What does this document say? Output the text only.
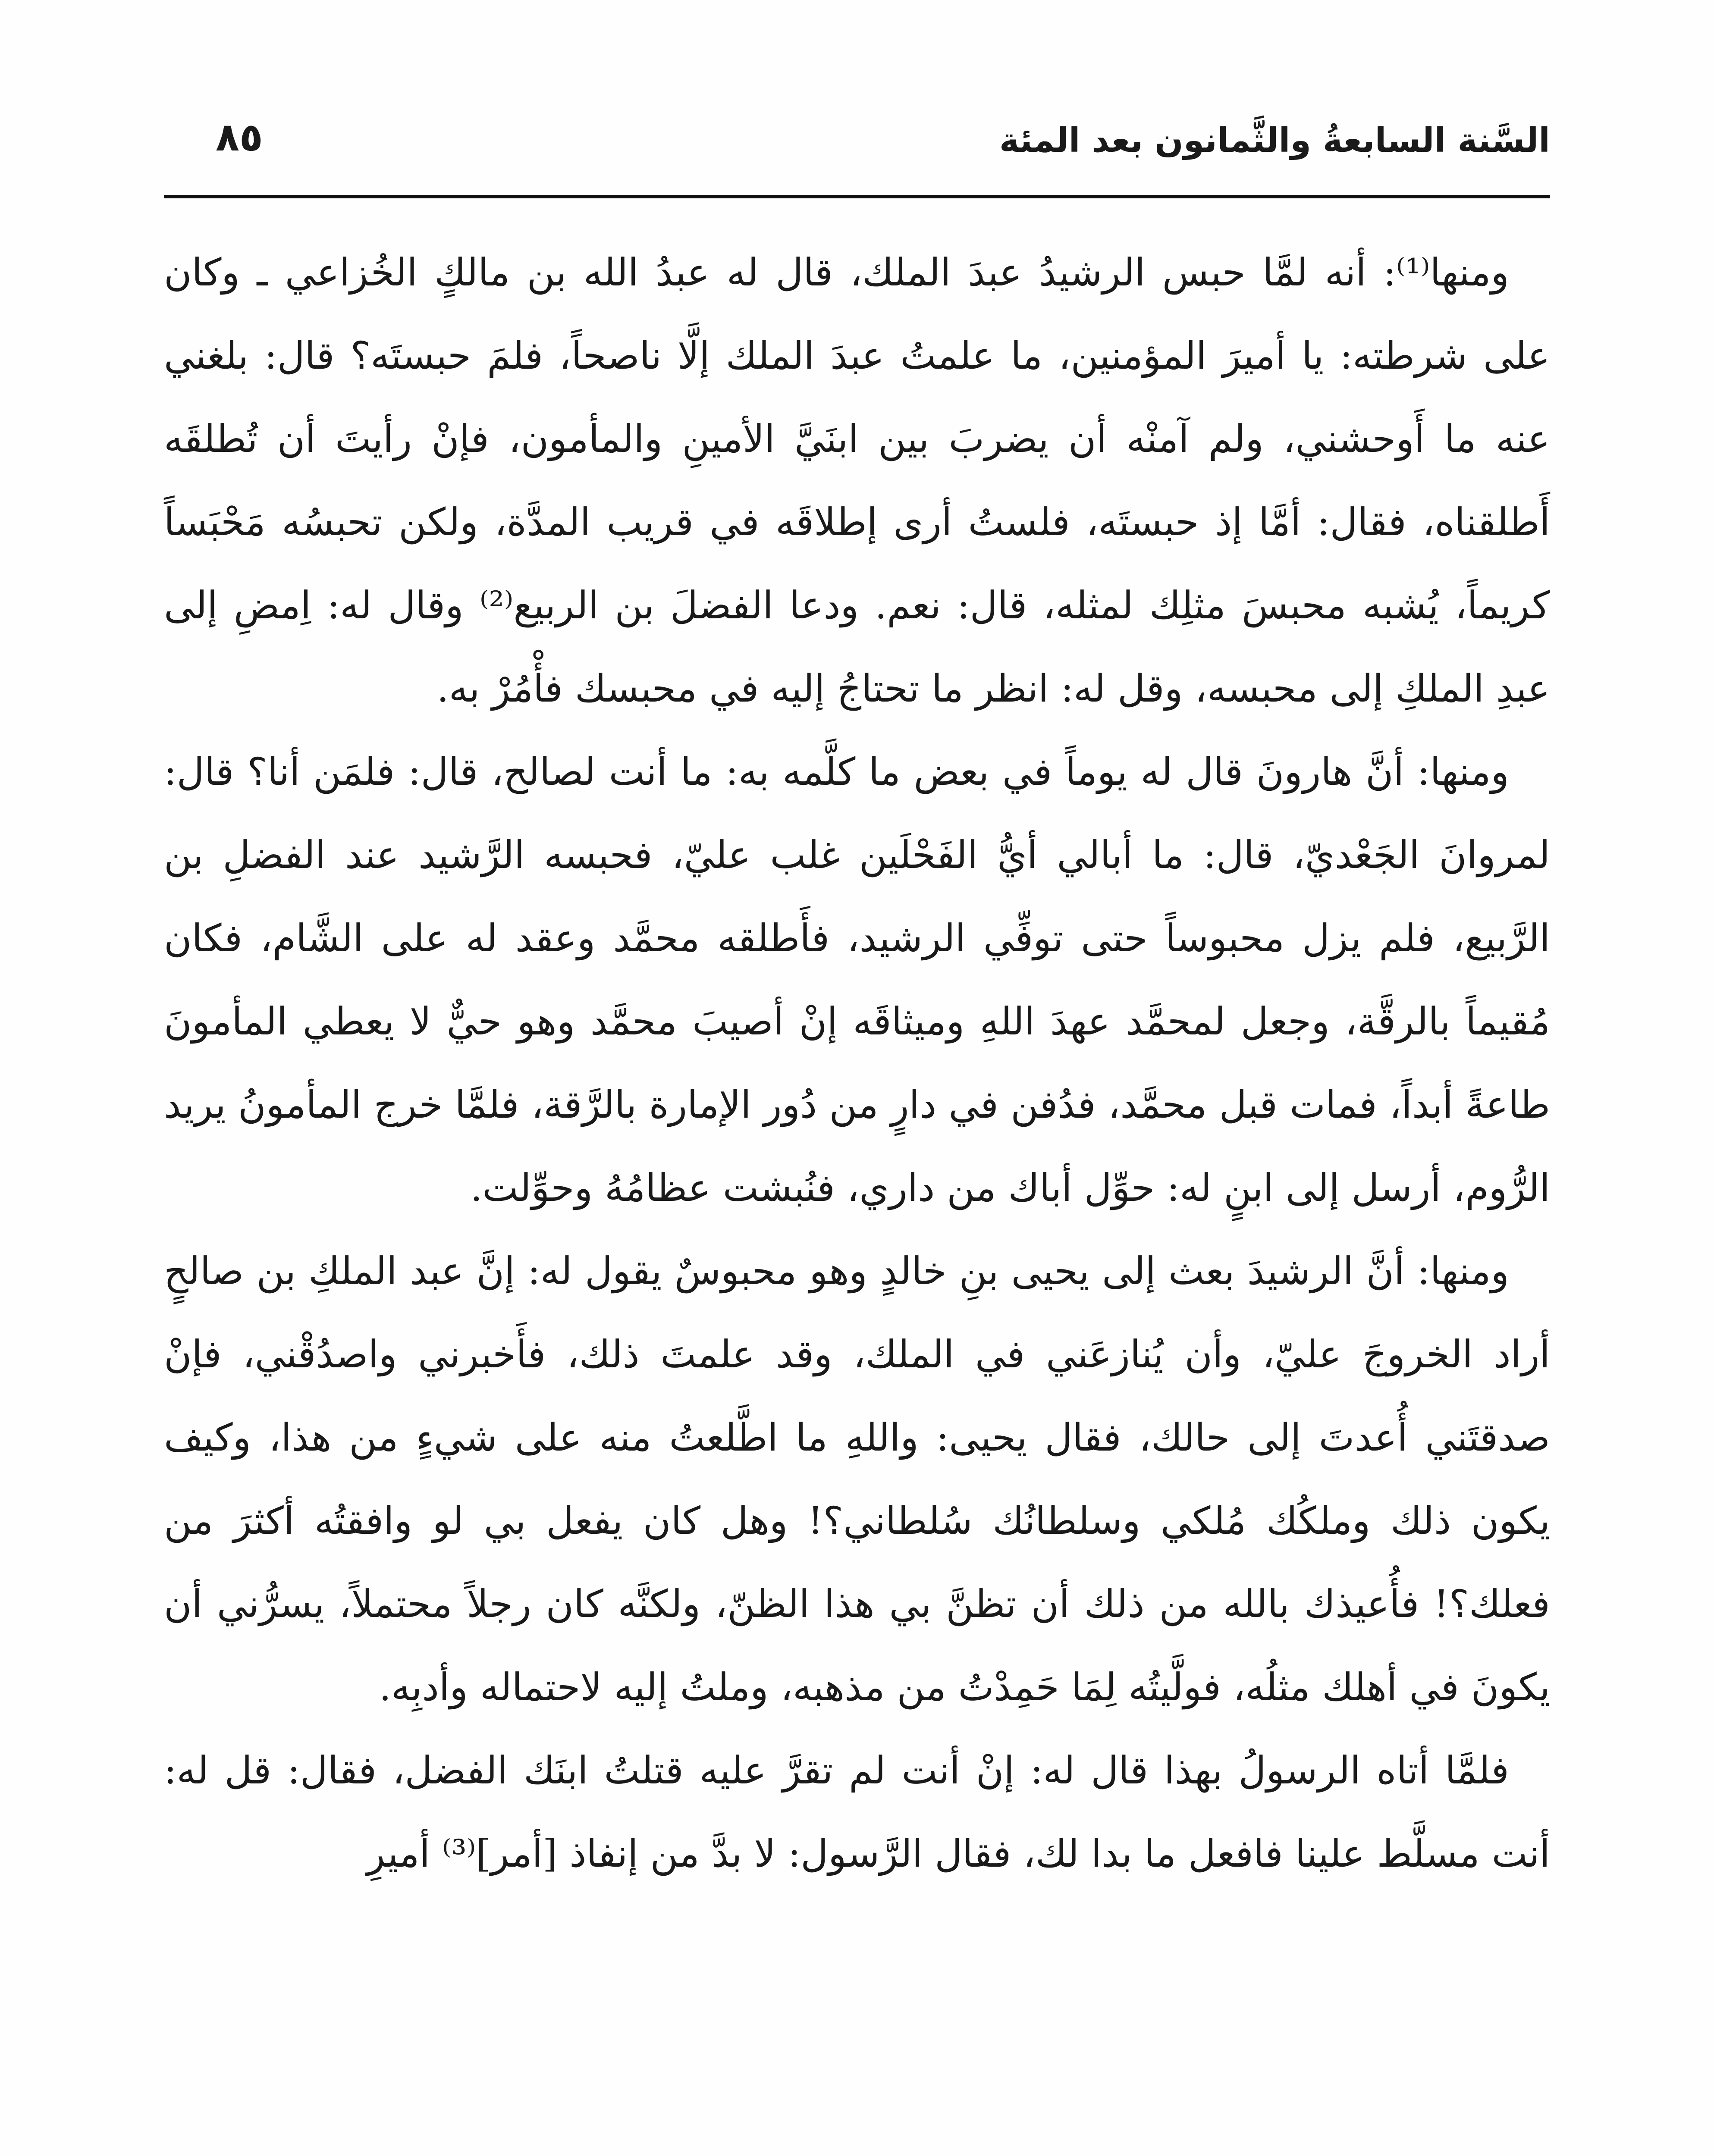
السَّنة السابعةُ والثَّمانون بعد المئة
٨٥

ومنها⁽¹⁾: أنه لمَّا حبس الرشيدُ عبدَ الملك، قال له عبدُ الله بن مالكٍ الخُزاعي ـ وكان على شرطته: يا أميرَ المؤمنين، ما علمتُ عبدَ الملك إلَّا ناصحاً، فلمَ حبستَه؟ قال: بلغني عنه ما أَوحشني، ولم آمنْه أن يضربَ بين ابنَيَّ الأمينِ والمأمون، فإنْ رأيتَ أن تُطلقَه أَطلقناه، فقال: أمَّا إذ حبستَه، فلستُ أرى إطلاقَه في قريب المدَّة، ولكن تحبسُه مَحْبَساً كريماً، يُشبه محبسَ مثلِك لمثله، قال: نعم. ودعا الفضلَ بن الربيع⁽²⁾ وقال له: اِمضِ إلى عبدِ الملكِ إلى محبسه، وقل له: انظر ما تحتاجُ إليه في محبسك فأْمُرْ به.

ومنها: أنَّ هارونَ قال له يوماً في بعض ما كلَّمه به: ما أنت لصالح، قال: فلمَن أنا؟ قال: لمروانَ الجَعْديّ، قال: ما أبالي أيُّ الفَحْلَين غلب عليّ، فحبسه الرَّشيد عند الفضلِ بن الرَّبيع، فلم يزل محبوساً حتى توفِّي الرشيد، فأَطلقه محمَّد وعقد له على الشَّام، فكان مُقيماً بالرقَّة، وجعل لمحمَّد عهدَ اللهِ وميثاقَه إنْ أصيبَ محمَّد وهو حيٌّ لا يعطي المأمونَ طاعةً أبداً، فمات قبل محمَّد، فدُفن في دارٍ من دُور الإمارة بالرَّقة، فلمَّا خرج المأمونُ يريد الرُّوم، أرسل إلى ابنٍ له: حوِّل أباك من داري، فنُبشت عظامُهُ وحوِّلت.

ومنها: أنَّ الرشيدَ بعث إلى يحيى بنِ خالدٍ وهو محبوسٌ يقول له: إنَّ عبد الملكِ بن صالحٍ أراد الخروجَ عليّ، وأن يُنازعَني في الملك، وقد علمتَ ذلك، فأَخبرني واصدُقْني، فإنْ صدقتَني أُعدتَ إلى حالك، فقال يحيى: واللهِ ما اطَّلعتُ منه على شيءٍ من هذا، وكيف يكون ذلك وملكُك مُلكي وسلطانُك سُلطاني؟! وهل كان يفعل بي لو وافقتُه أكثرَ من فعلك؟! فأُعيذك بالله من ذلك أن تظنَّ بي هذا الظنّ، ولكنَّه كان رجلاً محتملاً، يسرُّني أن يكونَ في أهلك مثلُه، فولَّيتُه لِمَا حَمِدْتُ من مذهبه، وملتُ إليه لاحتماله وأدبِه.

فلمَّا أتاه الرسولُ بهذا قال له: إنْ أنت لم تقرَّ عليه قتلتُ ابنَك الفضل، فقال: قل له: أنت مسلَّط علينا فافعل ما بدا لك، فقال الرَّسول: لا بدَّ من إنفاذ [أمر]⁽³⁾ أميرِ
